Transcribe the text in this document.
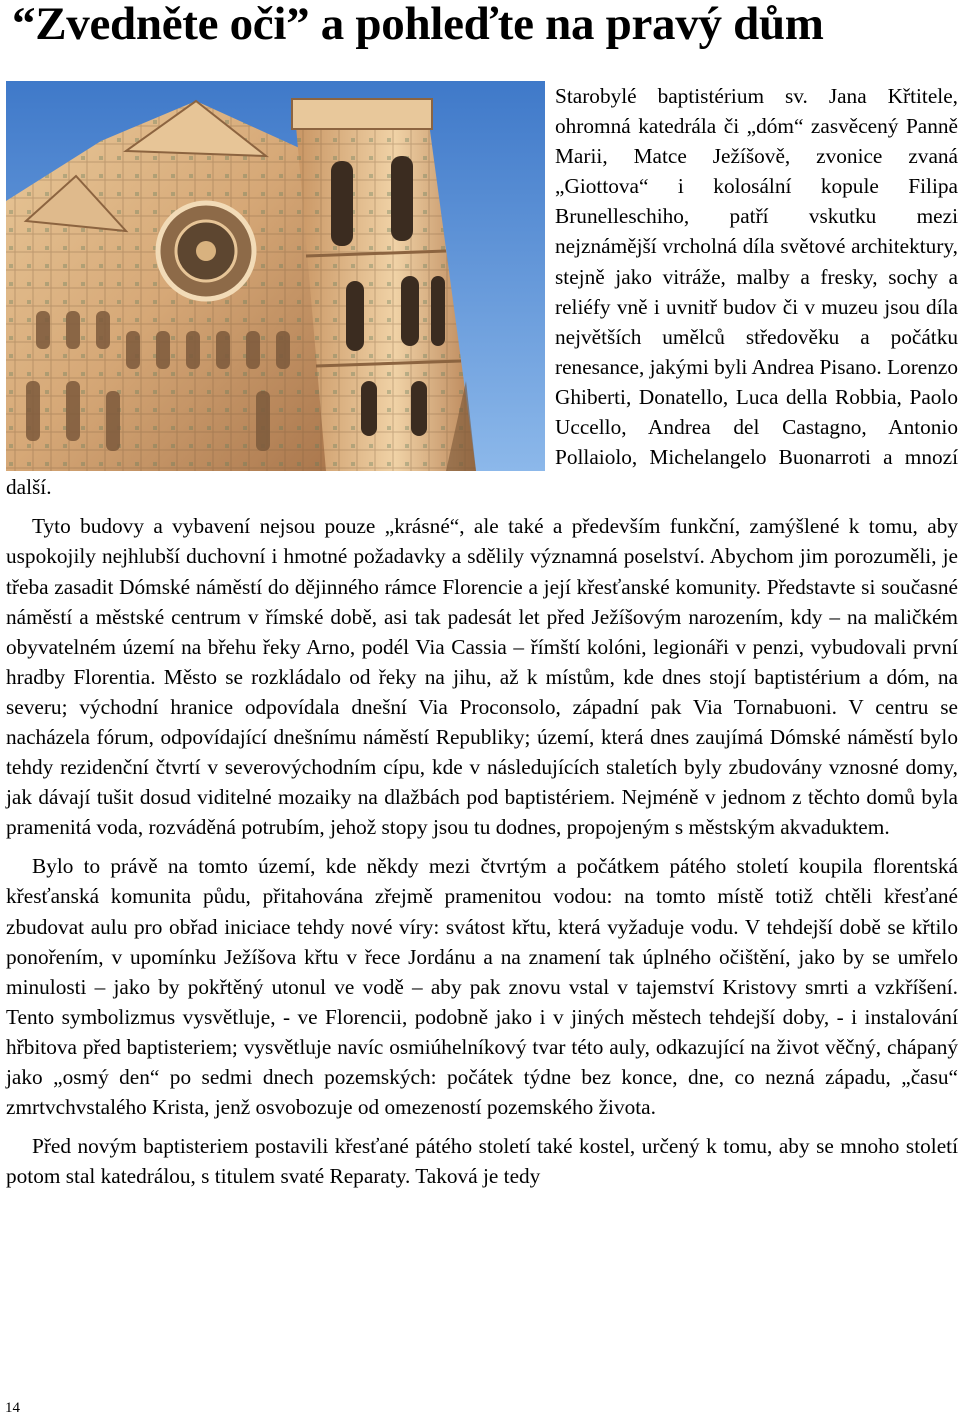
“Zvedněte oči” a pohleďte na pravý dům

Starobylé baptistérium sv. Jana Křtitele, ohromná katedrála či „dóm“ zasvěcený Panně Marii, Matce Ježíšově, zvonice zvaná „Giottova“ i kolosální kopule Filipa Brunelleschiho, patří vskutku mezi nejznámější vrcholná díla světové architektury, stejně jako vitráže, malby a fresky, sochy a reliéfy vně i uvnitř budov či v muzeu jsou díla největších umělců středověku a počátku renesance, jakými byli Andrea Pisano. Lorenzo Ghiberti, Donatello, Luca della Robbia, Paolo Uccello, Andrea del Castagno, Antonio Pollaiolo, Michelangelo Buonarroti a mnozí další.

Tyto budovy a vybavení nejsou pouze „krásné“, ale také a především funkční, zamýšlené k tomu, aby uspokojily nejhlubší duchovní i hmotné požadavky a sdělily významná poselství. Abychom jim porozuměli, je třeba zasadit Dómské náměstí do dějinného rámce Florencie a její křesťanské komunity. Představte si současné náměstí a městské centrum v římské době, asi tak padesát let před Ježíšovým narozením, kdy – na maličkém obyvatelném území na břehu řeky Arno, podél Via Cassia – římští kolóni, legionáři v penzi, vybudovali první hradby Florentia. Město se rozkládalo od řeky na jihu, až k místům, kde dnes stojí baptistérium a dóm, na severu; východní hranice odpovídala dnešní Via Proconsolo, západní pak Via Tornabuoni. V centru se nacházela fórum, odpovídající dnešnímu náměstí Republiky; území, která dnes zaujímá Dómské náměstí bylo tehdy rezidenční čtvrtí v severovýchodním cípu, kde v následujících staletích byly zbudovány vznosné domy, jak dávají tušit dosud viditelné mozaiky na dlažbách pod baptistériem. Nejméně v jednom z těchto domů byla pramenitá voda, rozváděná potrubím, jehož stopy jsou tu dodnes, propojeným s městským akvaduktem.

Bylo to právě na tomto území, kde někdy mezi čtvrtým a počátkem pátého století koupila florentská křesťanská komunita půdu, přitahována zřejmě pramenitou vodou: na tomto místě totiž chtěli křesťané zbudovat aulu pro obřad iniciace tehdy nové víry: svátost křtu, která vyžaduje vodu. V tehdejší době se křtilo ponořením, v upomínku Ježíšova křtu v řece Jordánu a na znamení tak úplného očištění, jako by se umřelo minulosti – jako by pokřtěný utonul ve vodě – aby pak znovu vstal v tajemství Kristovy smrti a vzkříšení. Tento symbolizmus vysvětluje, - ve Florencii, podobně jako i v jiných městech tehdejší doby, - i instalování hřbitova před baptisteriem; vysvětluje navíc osmiúhelníkový tvar této auly, odkazující na život věčný, chápaný jako „osmý den“ po sedmi dnech pozemských: počátek týdne bez konce, dne, co nezná západu, „času“ zmrtvchvstalého Krista, jenž osvobozuje od omezeností pozemského života.

Před novým baptisteriem postavili křesťané pátého století také kostel, určený k tomu, aby se mnoho století potom stal katedrálou, s titulem svaté Reparaty. Taková je tedy

14
